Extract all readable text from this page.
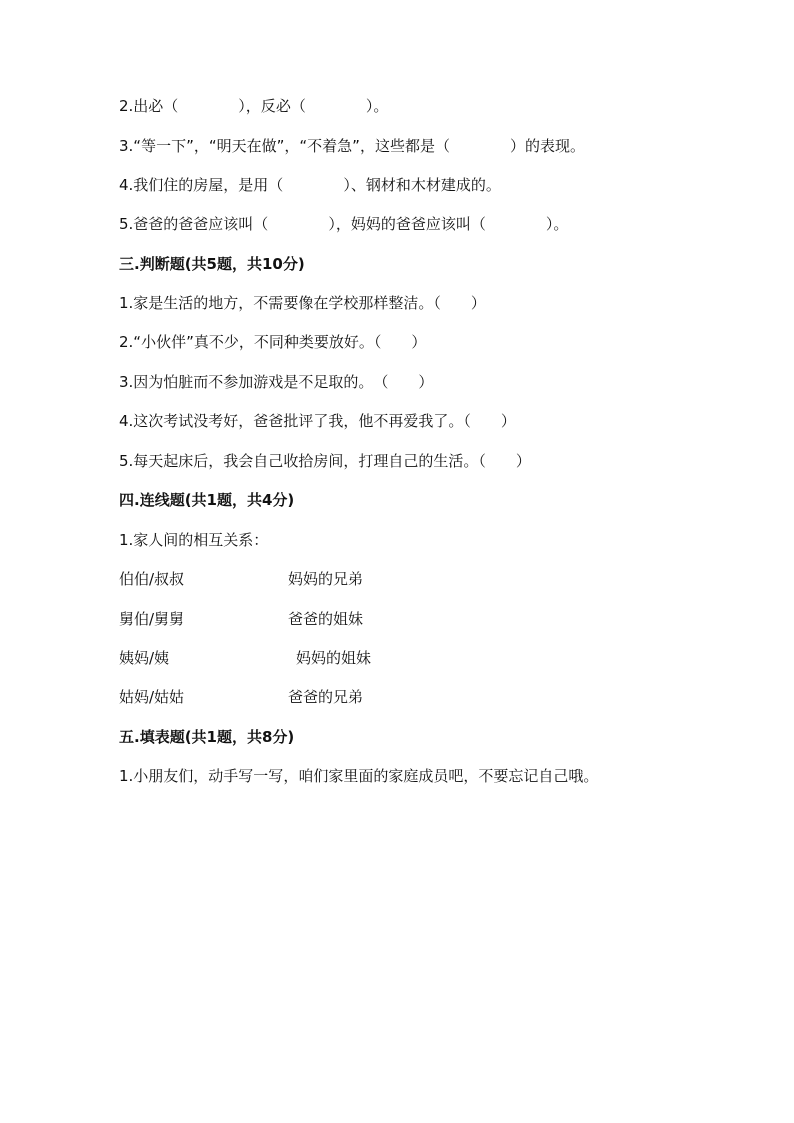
2.出必（　　　　），反必（　　　　）。
3.“等一下”，“明天在做”，“不着急”，这些都是（　　　　）的表现。
4.我们住的房屋，是用（　　　　）、钢材和木材建成的。
5.爸爸的爸爸应该叫（　　　　），妈妈的爸爸应该叫（　　　　）。
三.判断题(共5题，共10分)
1.家是生活的地方，不需要像在学校那样整洁。（　　）
2.“小伙伴”真不少，不同种类要放好。（　　）
3.因为怕脏而不参加游戏是不足取的。　（　　）
4.这次考试没考好，爸爸批评了我，他不再爱我了。（　　）
5.每天起床后，我会自己收拾房间，打理自己的生活。（　　）
四.连线题(共1题，共4分)
1.家人间的相互关系：
伯伯/叔叔	妈妈的兄弟
舅伯/舅舅	爸爸的姐妹
姨妈/姨	妈妈的姐妹
姑妈/姑姑	爸爸的兄弟
五.填表题(共1题，共8分)
1.小朋友们，动手写一写，咱们家里面的家庭成员吧，不要忘记自己哦。
